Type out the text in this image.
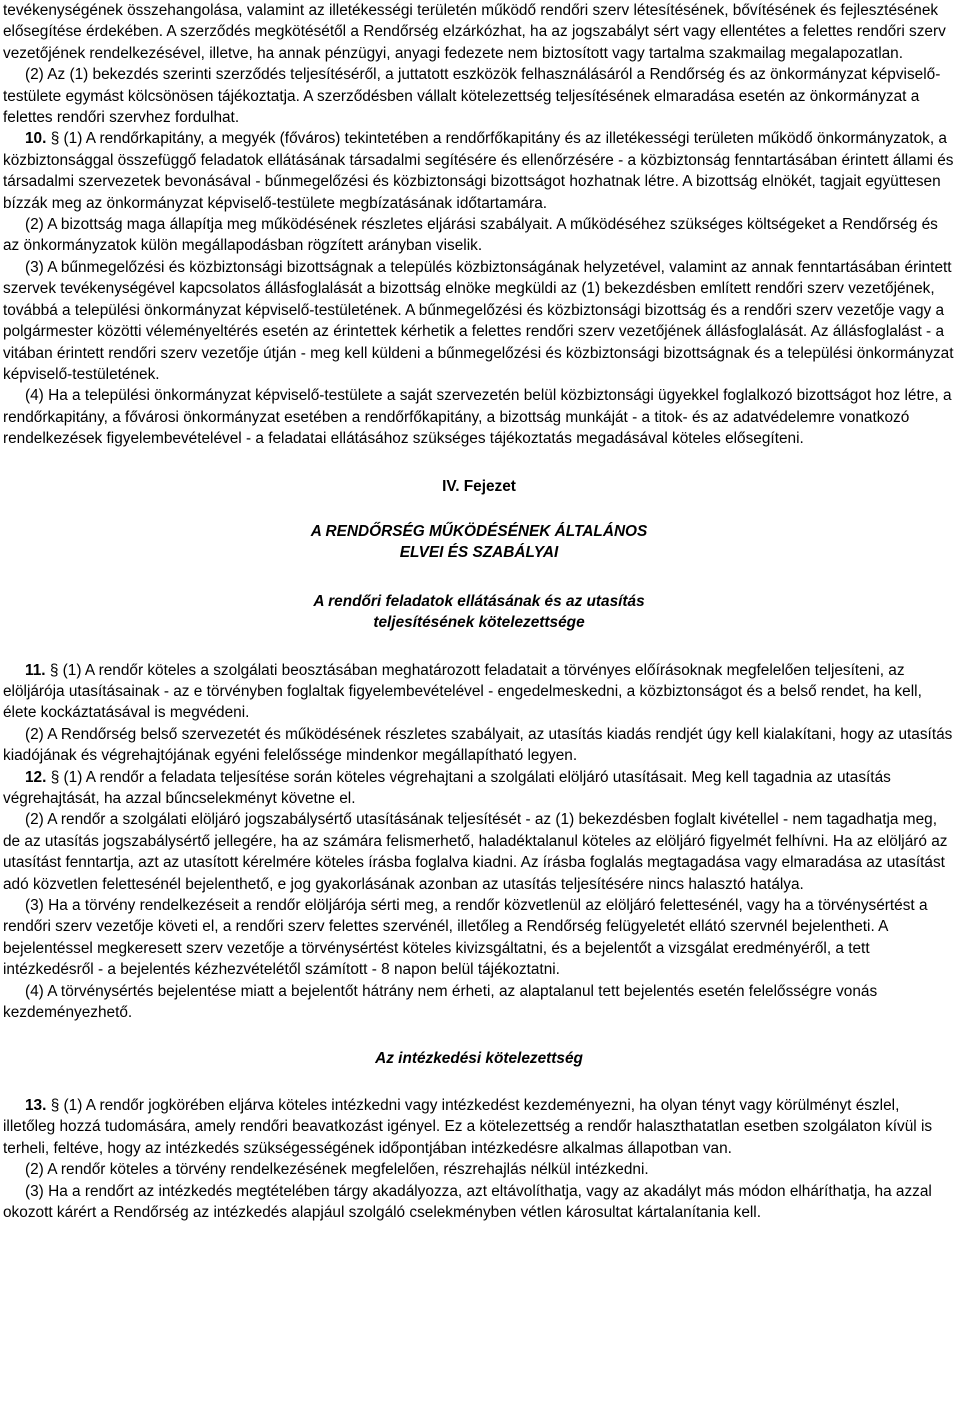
tevékenységének összehangolása, valamint az illetékességi területén működő rendőri szerv létesítésének, bővítésének és fejlesztésének elősegítése érdekében. A szerződés megkötésétől a Rendőrség elzárkózhat, ha az jogszabályt sért vagy ellentétes a felettes rendőri szerv vezetőjének rendelkezésével, illetve, ha annak pénzügyi, anyagi fedezete nem biztosított vagy tartalma szakmailag megalapozatlan.

(2) Az (1) bekezdés szerinti szerződés teljesítéséről, a juttatott eszközök felhasználásáról a Rendőrség és az önkormányzat képviselő-testülete egymást kölcsönösen tájékoztatja. A szerződésben vállalt kötelezettség teljesítésének elmaradása esetén az önkormányzat a felettes rendőri szervhez fordulhat.

10. § (1) A rendőrkapitány, a megyék (főváros) tekintetében a rendőrfőkapitány és az illetékességi területen működő önkormányzatok, a közbiztonsággal összefüggő feladatok ellátásának társadalmi segítésére és ellenőrzésére - a közbiztonság fenntartásában érintett állami és társadalmi szervezetek bevonásával - bűnmegelőzési és közbiztonsági bizottságot hozhatnak létre. A bizottság elnökét, tagjait együttesen bízzák meg az önkormányzat képviselő-testülete megbízatásának időtartamára.

(2) A bizottság maga állapítja meg működésének részletes eljárási szabályait. A működéséhez szükséges költségeket a Rendőrség és az önkormányzatok külön megállapodásban rögzített arányban viselik.

(3) A bűnmegelőzési és közbiztonsági bizottságnak a település közbiztonságának helyzetével, valamint az annak fenntartásában érintett szervek tevékenységével kapcsolatos állásfoglalását a bizottság elnöke megküldi az (1) bekezdésben említett rendőri szerv vezetőjének, továbbá a települési önkormányzat képviselő-testületének. A bűnmegelőzési és közbiztonsági bizottság és a rendőri szerv vezetője vagy a polgármester közötti véleményeltérés esetén az érintettek kérhetik a felettes rendőri szerv vezetőjének állásfoglalását. Az állásfoglalást - a vitában érintett rendőri szerv vezetője útján - meg kell küldeni a bűnmegelőzési és közbiztonsági bizottságnak és a települési önkormányzat képviselő-testületének.

(4) Ha a települési önkormányzat képviselő-testülete a saját szervezetén belül közbiztonsági ügyekkel foglalkozó bizottságot hoz létre, a rendőrkapitány, a fővárosi önkormányzat esetében a rendőrfőkapitány, a bizottság munkáját - a titok- és az adatvédelemre vonatkozó rendelkezések figyelembevételével - a feladatai ellátásához szükséges tájékoztatás megadásával köteles elősegíteni.

IV. Fejezet

A RENDŐRSÉG MŰKÖDÉSÉNEK ÁLTALÁNOS
ELVEI ÉS SZABÁLYAI

A rendőri feladatok ellátásának és az utasítás
teljesítésének kötelezettsége

11. § (1) A rendőr köteles a szolgálati beosztásában meghatározott feladatait a törvényes előírásoknak megfelelően teljesíteni, az elöljárója utasításainak - az e törvényben foglaltak figyelembevételével - engedelmeskedni, a közbiztonságot és a belső rendet, ha kell, élete kockáztatásával is megvédeni.

(2) A Rendőrség belső szervezetét és működésének részletes szabályait, az utasítás kiadás rendjét úgy kell kialakítani, hogy az utasítás kiadójának és végrehajtójának egyéni felelőssége mindenkor megállapítható legyen.

12. § (1) A rendőr a feladata teljesítése során köteles végrehajtani a szolgálati elöljáró utasításait. Meg kell tagadnia az utasítás végrehajtását, ha azzal bűncselekményt követne el.

(2) A rendőr a szolgálati elöljáró jogszabálysértő utasításának teljesítését - az (1) bekezdésben foglalt kivétellel - nem tagadhatja meg, de az utasítás jogszabálysértő jellegére, ha az számára felismerhető, haladéktalanul köteles az elöljáró figyelmét felhívni. Ha az elöljáró az utasítást fenntartja, azt az utasított kérelmére köteles írásba foglalva kiadni. Az írásba foglalás megtagadása vagy elmaradása az utasítást adó közvetlen felettesénél bejelenthető, e jog gyakorlásának azonban az utasítás teljesítésére nincs halasztó hatálya.

(3) Ha a törvény rendelkezéseit a rendőr elöljárója sérti meg, a rendőr közvetlenül az elöljáró felettesénél, vagy ha a törvénysértést a rendőri szerv vezetője követi el, a rendőri szerv felettes szervénél, illetőleg a Rendőrség felügyeletét ellátó szervnél bejelentheti. A bejelentéssel megkeresett szerv vezetője a törvénysértést köteles kivizsgáltatni, és a bejelentőt a vizsgálat eredményéről, a tett intézkedésről - a bejelentés kézhezvételétől számított - 8 napon belül tájékoztatni.

(4) A törvénysértés bejelentése miatt a bejelentőt hátrány nem érheti, az alaptalanul tett bejelentés esetén felelősségre vonás kezdeményezhető.

Az intézkedési kötelezettség

13. § (1) A rendőr jogkörében eljárva köteles intézkedni vagy intézkedést kezdeményezni, ha olyan tényt vagy körülményt észlel, illetőleg hozzá tudomására, amely rendőri beavatkozást igényel. Ez a kötelezettség a rendőr halaszthatatlan esetben szolgálaton kívül is terheli, feltéve, hogy az intézkedés szükségességének időpontjában intézkedésre alkalmas állapotban van.

(2) A rendőr köteles a törvény rendelkezésének megfelelően, részrehajlás nélkül intézkedni.

(3) Ha a rendőrt az intézkedés megtételében tárgy akadályozza, azt eltávolíthatja, vagy az akadályt más módon elháríthatja, ha azzal okozott kárért a Rendőrség az intézkedés alapjául szolgáló cselekményben vétlen károsultat kártalanítania kell.
